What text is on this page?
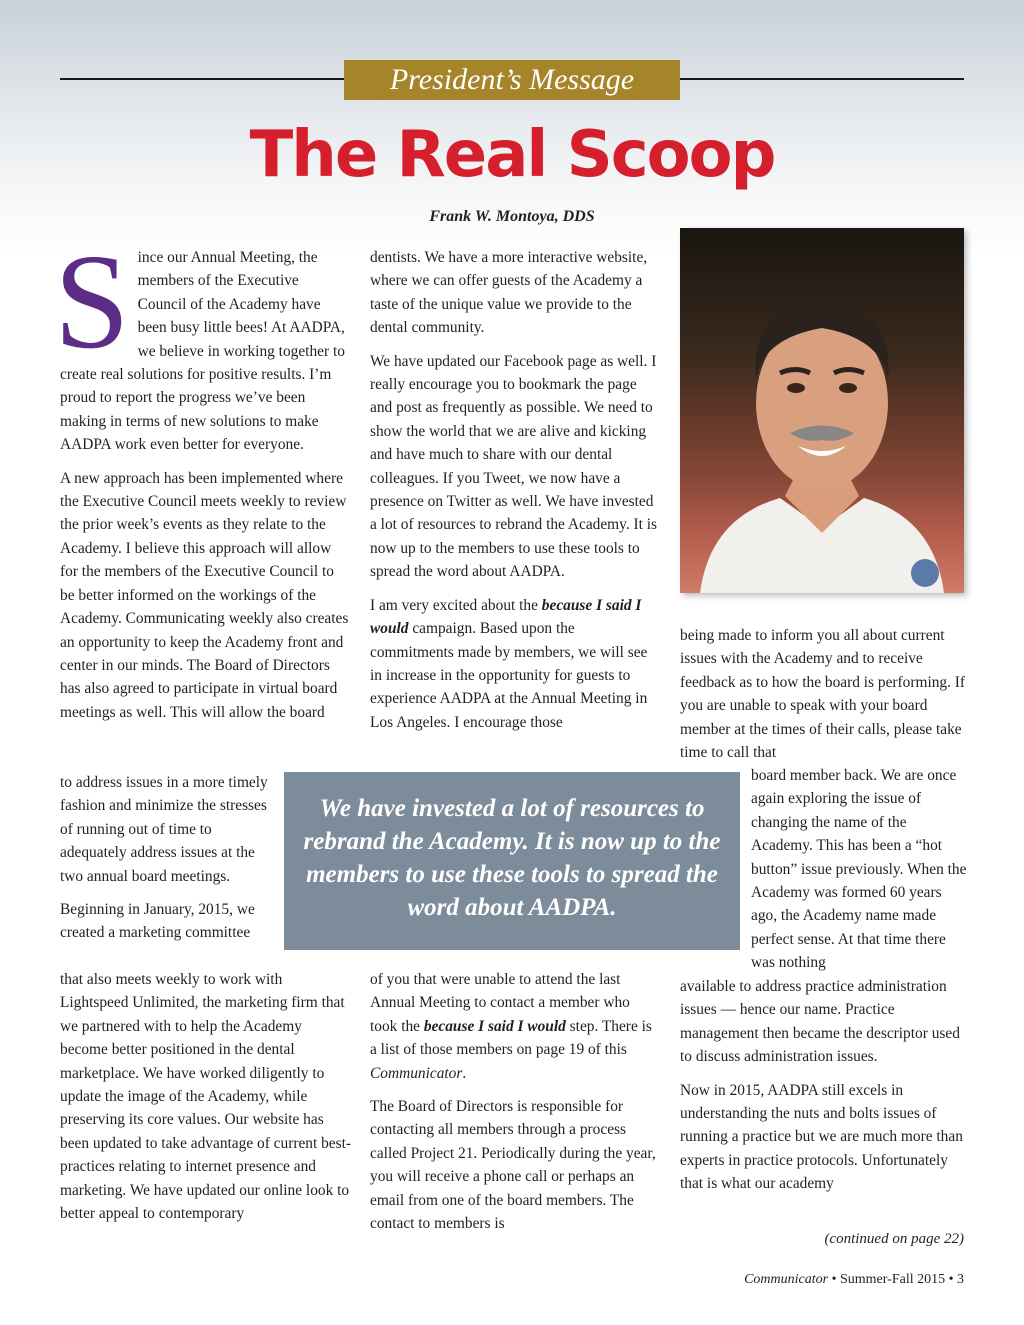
President’s Message
The Real Scoop
Frank W. Montoya, DDS

Since our Annual Meeting, the members of the Executive Council of the Academy have been busy little bees! At AADPA, we believe in working together to create real solutions for positive results. I’m proud to report the progress we’ve been making in terms of new solutions to make AADPA work even better for everyone.

A new approach has been implemented where the Executive Council meets weekly to review the prior week’s events as they relate to the Academy. I believe this approach will allow for the members of the Executive Council to be better informed on the workings of the Academy. Communicating weekly also creates an opportunity to keep the Academy front and center in our minds. The Board of Directors has also agreed to participate in virtual board meetings as well. This will allow the board

to address issues in a more timely fashion and minimize the stresses of running out of time to adequately address issues at the two annual board meetings.

Beginning in January, 2015, we created a marketing committee

that also meets weekly to work with Lightspeed Unlimited, the marketing firm that we partnered with to help the Academy become better positioned in the dental marketplace. We have worked diligently to update the image of the Academy, while preserving its core values. Our website has been updated to take advantage of current best-practices relating to internet presence and marketing. We have updated our online look to better appeal to contemporary

dentists. We have a more interactive website, where we can offer guests of the Academy a taste of the unique value we provide to the dental community.

We have updated our Facebook page as well. I really encourage you to bookmark the page and post as frequently as possible. We need to show the world that we are alive and kicking and have much to share with our dental colleagues. If you Tweet, we now have a presence on Twitter as well. We have invested a lot of resources to rebrand the Academy. It is now up to the members to use these tools to spread the word about AADPA.

I am very excited about the because I said I would campaign. Based upon the commitments made by members, we will see in increase in the opportunity for guests to experience AADPA at the Annual Meeting in Los Angeles. I encourage those

of you that were unable to attend the last Annual Meeting to contact a member who took the because I said I would step. There is a list of those members on page 19 of this Communicator.

The Board of Directors is responsible for contacting all members through a process called Project 21. Periodically during the year, you will receive a phone call or perhaps an email from one of the board members. The contact to members is

being made to inform you all about current issues with the Academy and to receive feedback as to how the board is performing. If you are unable to speak with your board member at the times of their calls, please take time to call that

board member back. We are once again exploring the issue of changing the name of the Academy. This has been a “hot button” issue previously. When the Academy was formed 60 years ago, the Academy name made perfect sense. At that time there was nothing

available to address practice administration issues — hence our name. Practice management then became the descriptor used to discuss administration issues.

Now in 2015, AADPA still excels in understanding the nuts and bolts issues of running a practice but we are much more than experts in practice protocols. Unfortunately that is what our academy

We have invested a lot of resources to rebrand the Academy. It is now up to the members to use these tools to spread the word about AADPA.
(continued on page 22)
Communicator • Summer-Fall 2015 • 3
